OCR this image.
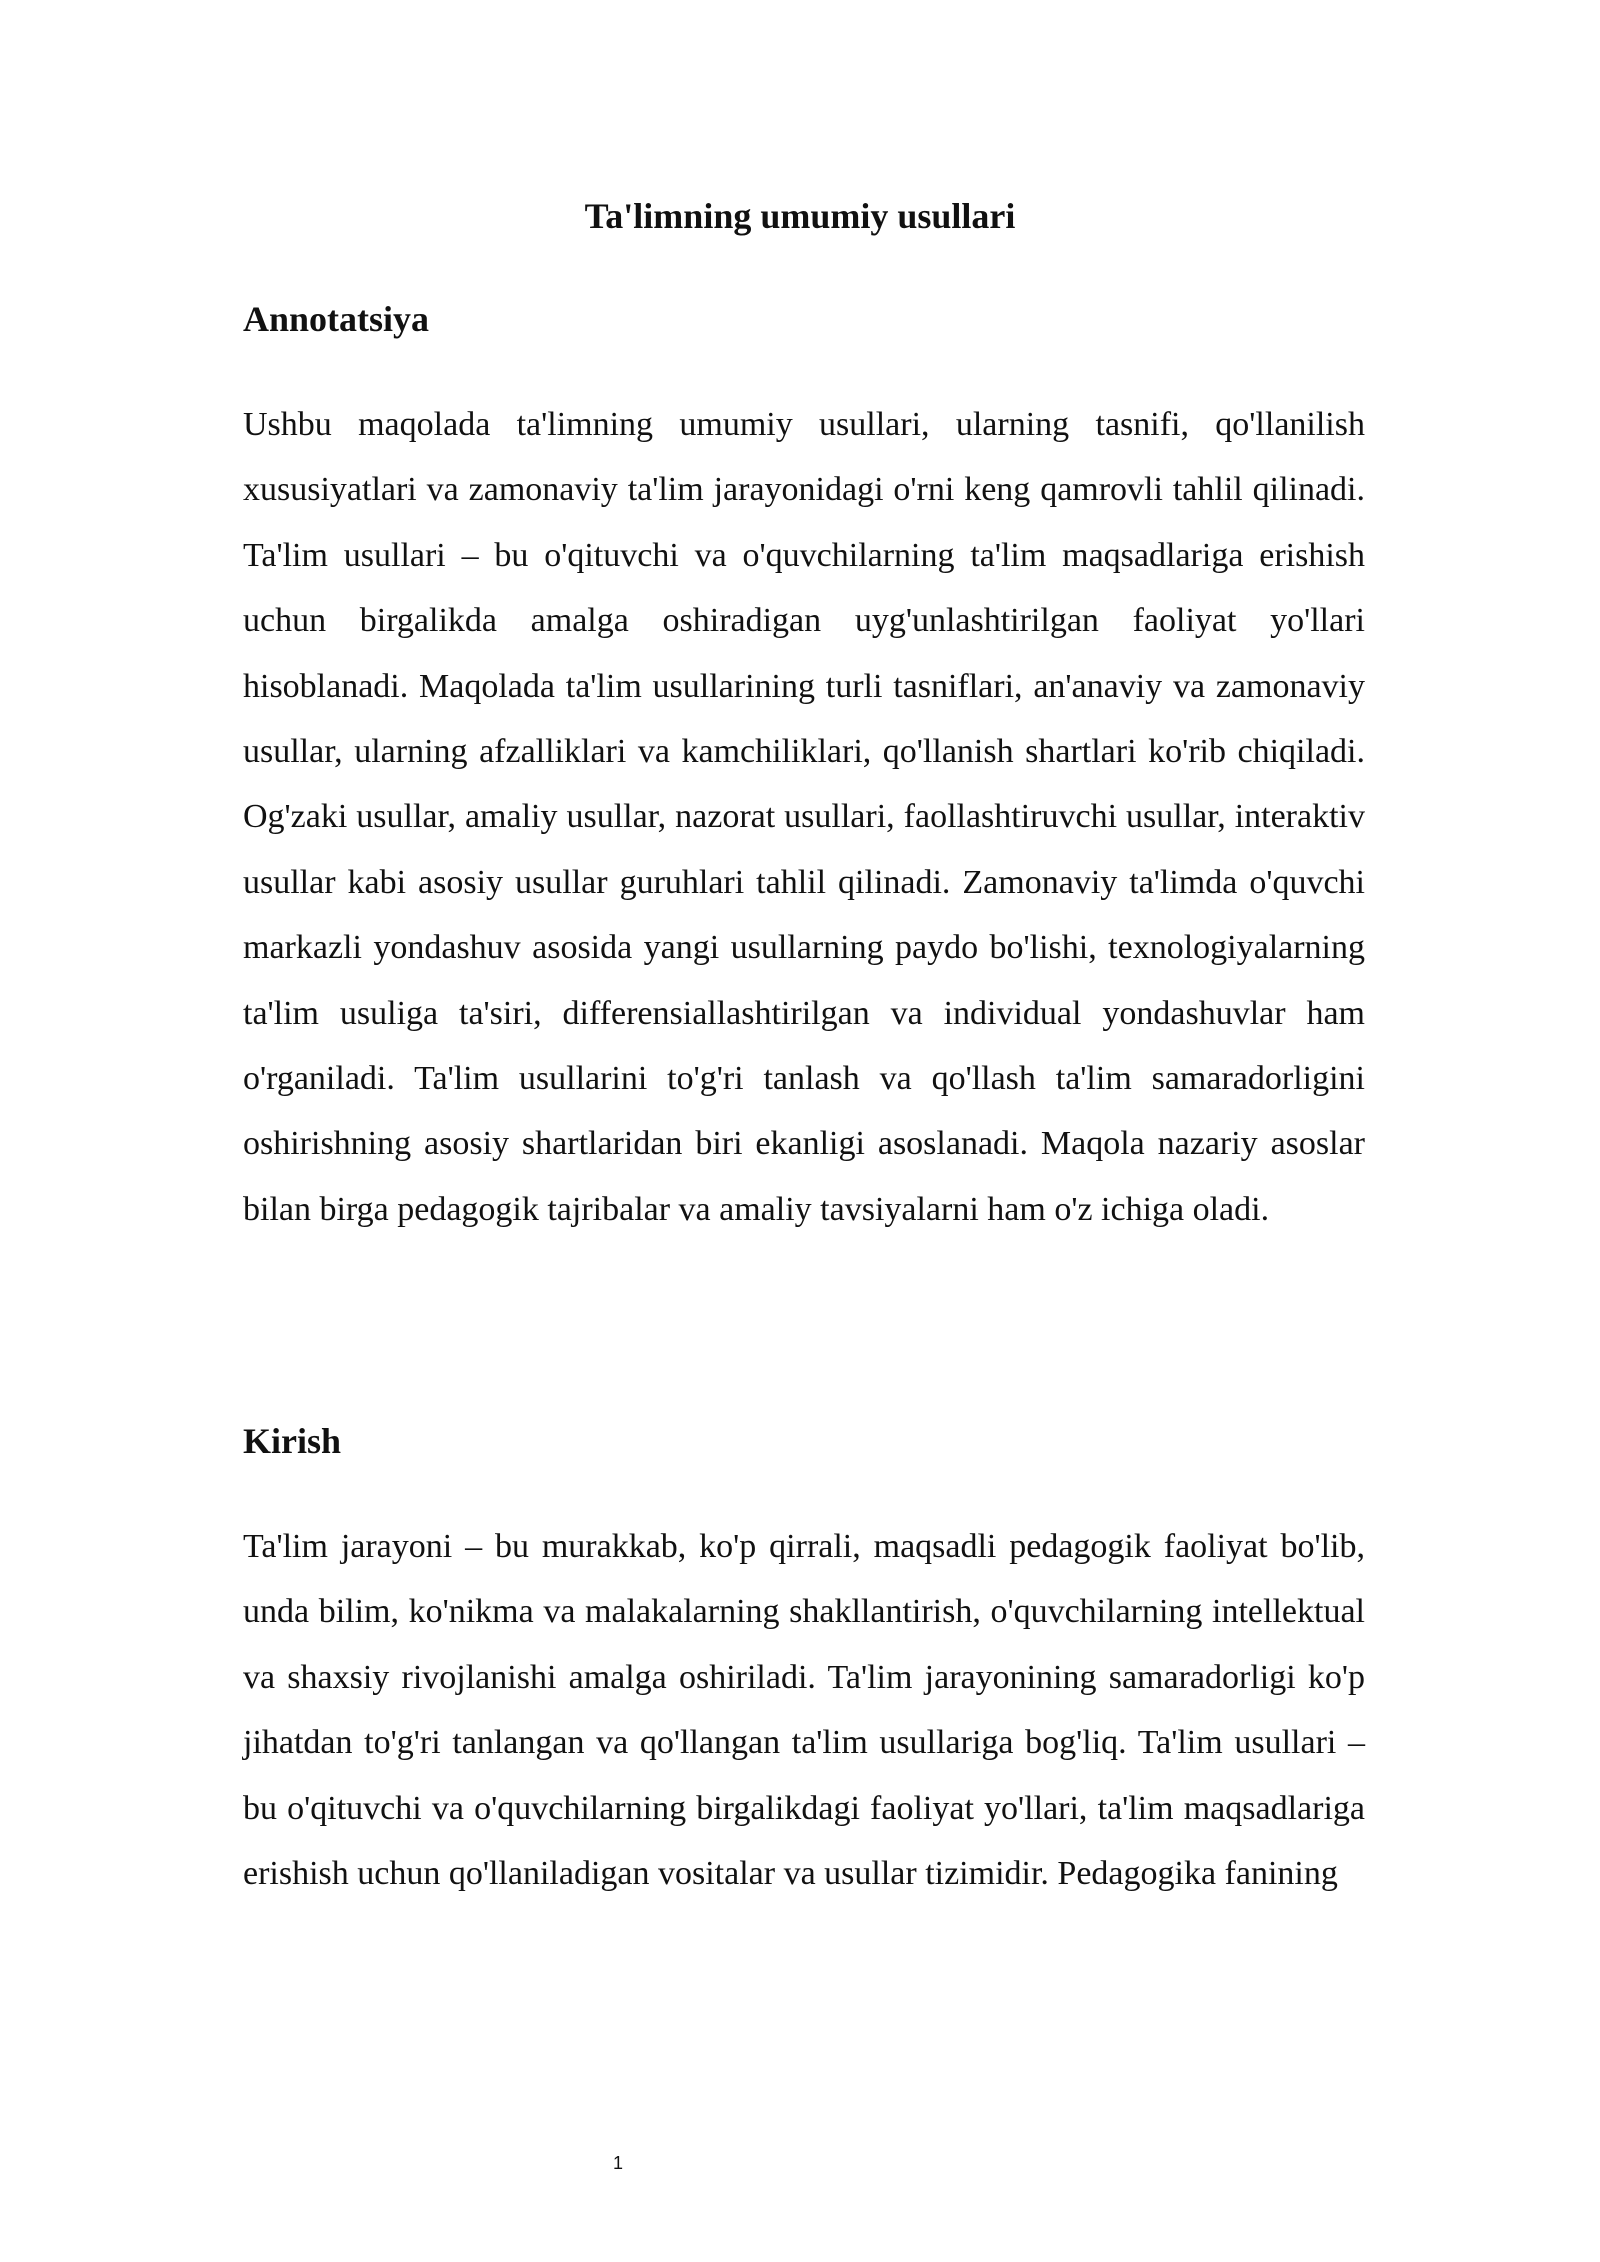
Ta'limning umumiy usullari
Annotatsiya

Ushbu maqolada ta'limning umumiy usullari, ularning tasnifi, qo'llanilish xususiyatlari va zamonaviy ta'lim jarayonidagi o'rni keng qamrovli tahlil qilinadi. Ta'lim usullari – bu o'qituvchi va o'quvchilarning ta'lim maqsadlariga erishish uchun birgalikda amalga oshiradigan uyg'unlashtirilgan faoliyat yo'llari hisoblanadi. Maqolada ta'lim usullarining turli tasniflari, an'anaviy va zamonaviy usullar, ularning afzalliklari va kamchiliklari, qo'llanish shartlari ko'rib chiqiladi. Og'zaki usullar, amaliy usullar, nazorat usullari, faollashtiruvchi usullar, interaktiv usullar kabi asosiy usullar guruhlari tahlil qilinadi. Zamonaviy ta'limda o'quvchi markazli yondashuv asosida yangi usullarning paydo bo'lishi, texnologiyalarning ta'lim usuliga ta'siri, differensiallashtirilgan va individual yondashuvlar ham o'rganiladi. Ta'lim usullarini to'g'ri tanlash va qo'llash ta'lim samaradorligini oshirishning asosiy shartlaridan biri ekanligi asoslanadi. Maqola nazariy asoslar bilan birga pedagogik tajribalar va amaliy tavsiyalarni ham o'z ichiga oladi.

Kirish

Ta'lim jarayoni – bu murakkab, ko'p qirrali, maqsadli pedagogik faoliyat bo'lib, unda bilim, ko'nikma va malakalarning shakllantirish, o'quvchilarning intellektual va shaxsiy rivojlanishi amalga oshiriladi. Ta'lim jarayonining samaradorligi ko'p jihatdan to'g'ri tanlangan va qo'llangan ta'lim usullariga bog'liq. Ta'lim usullari – bu o'qituvchi va o'quvchilarning birgalikdagi faoliyat yo'llari, ta'lim maqsadlariga erishish uchun qo'llaniladigan vositalar va usullar tizimidir. Pedagogika fanining

1
